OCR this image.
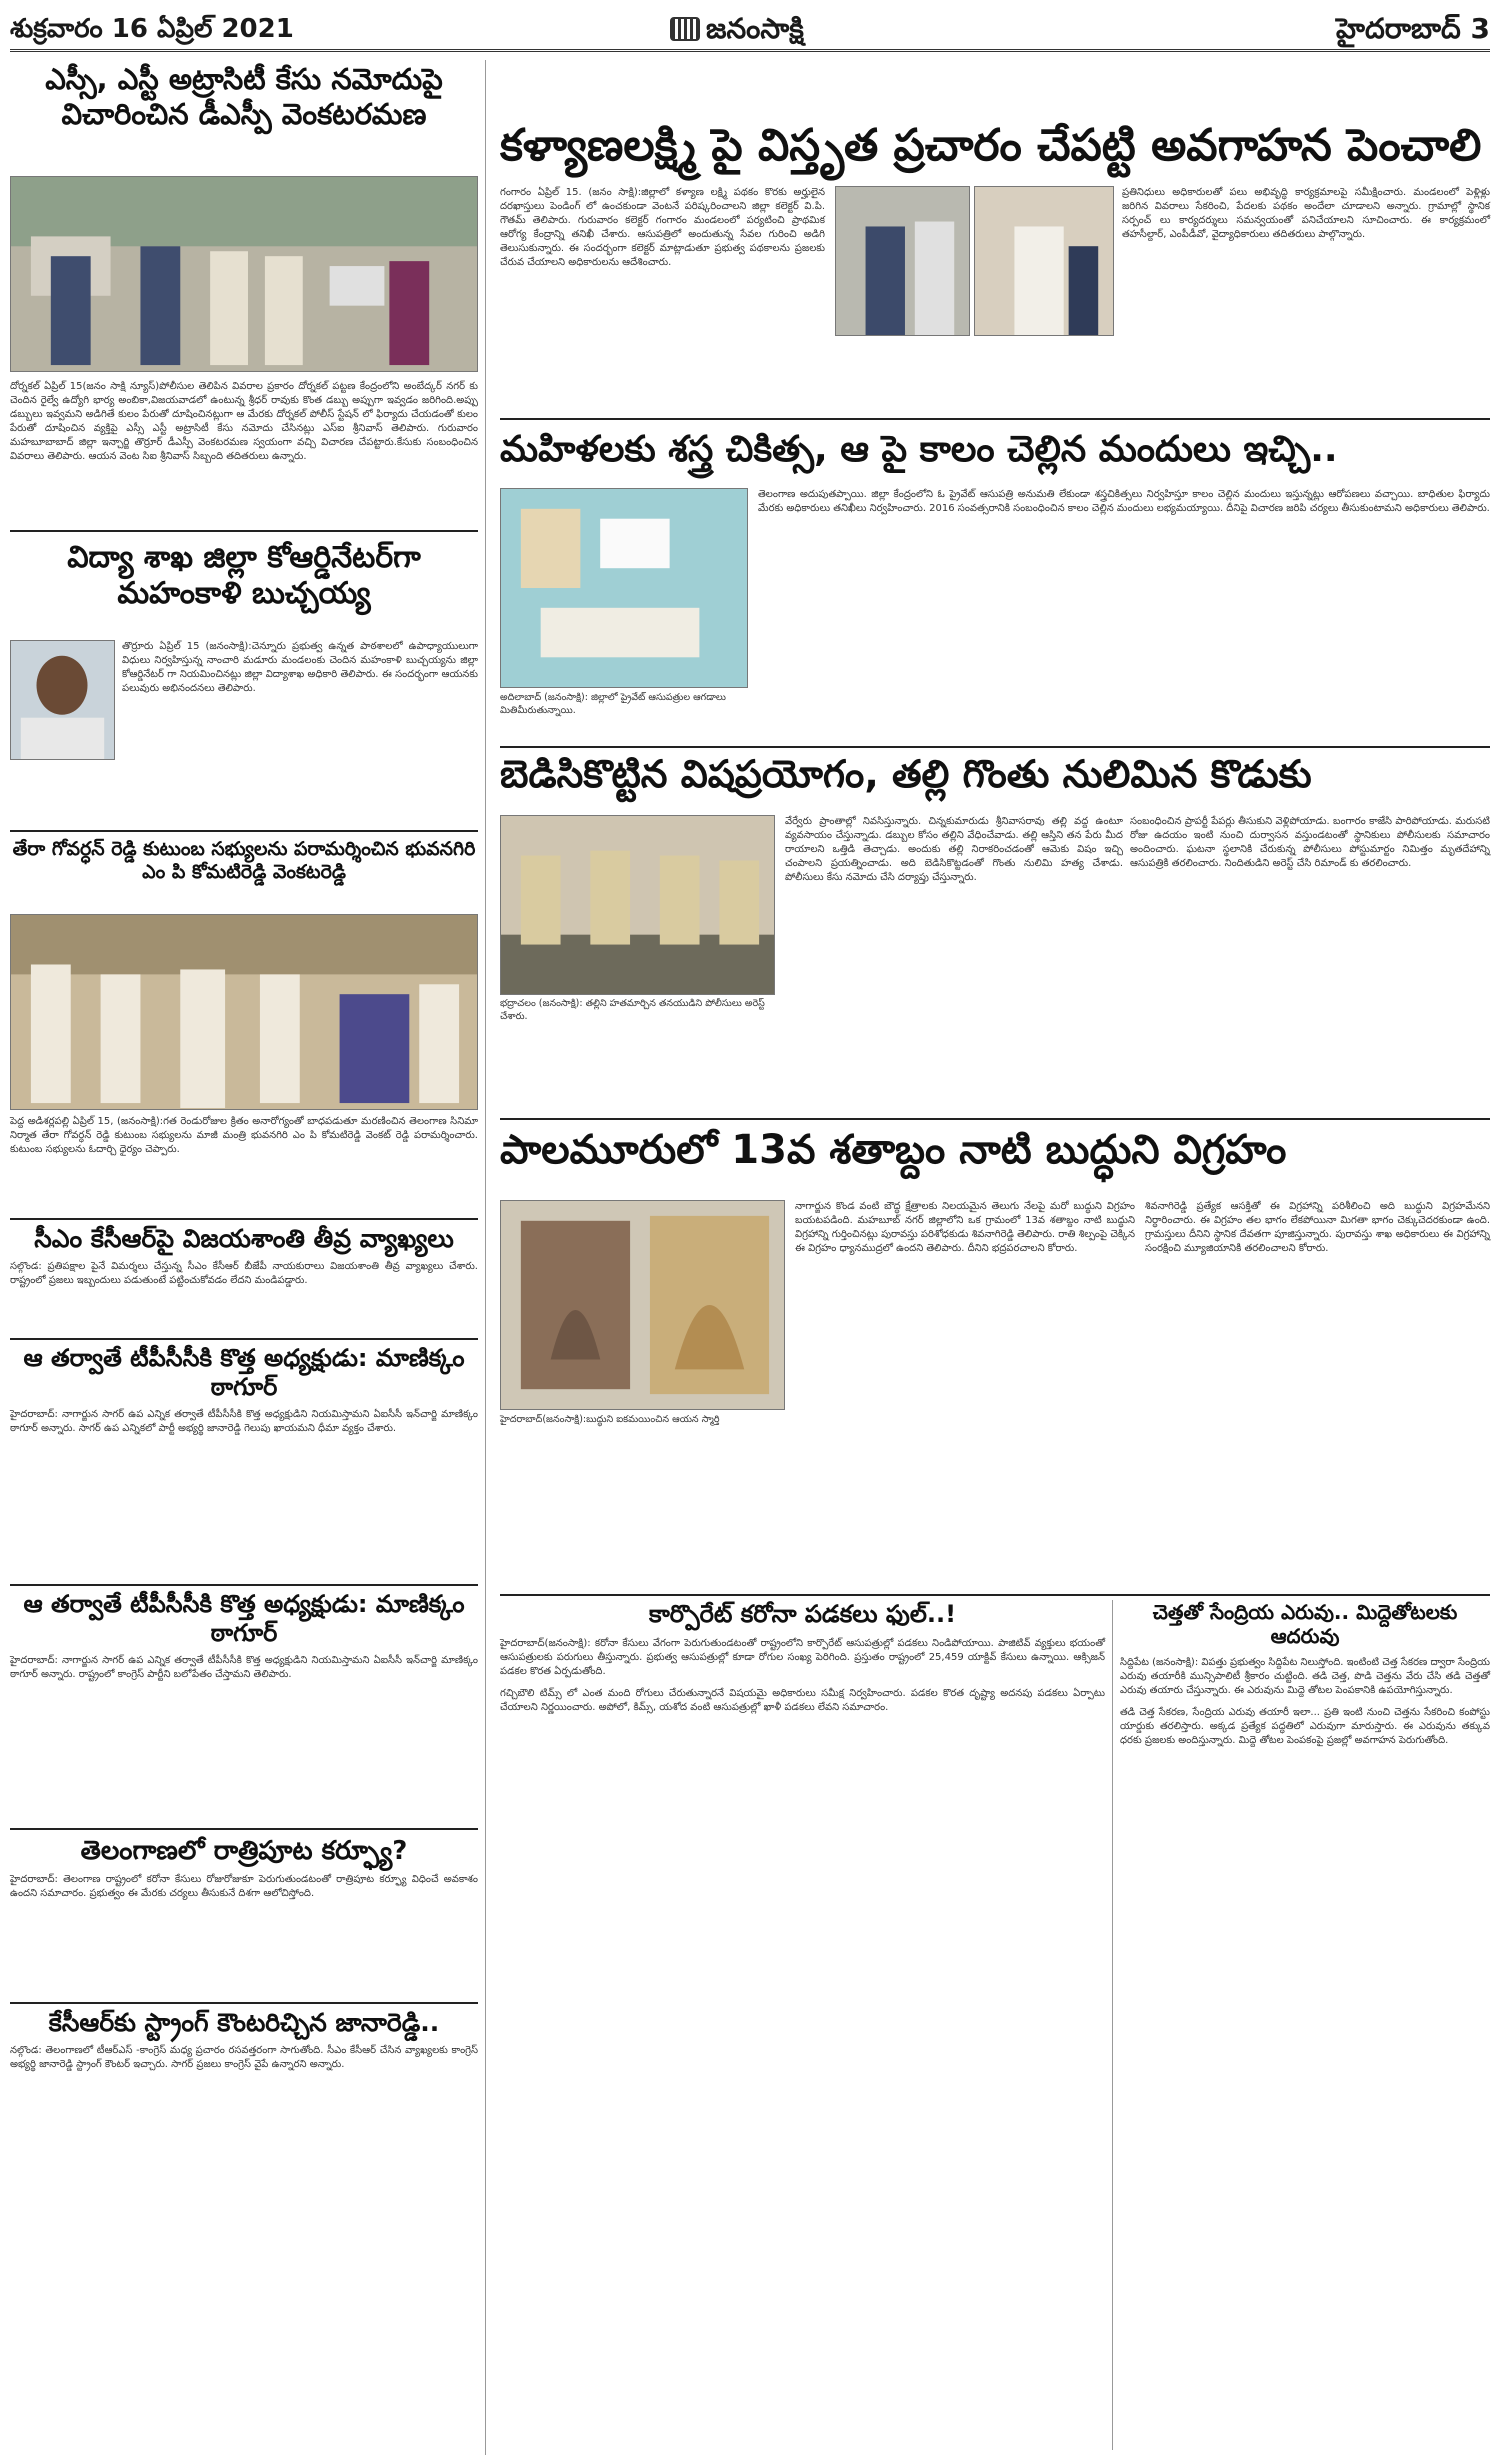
శుక్రవారం 16 ఏప్రిల్ 2021	జనంసాక్షి	హైదరాబాద్ 3
ఎస్సీ, ఎస్టీ అట్రాసిటీ కేసు నమోదుపై విచారించిన డీఎస్పీ వెంకటరమణ
దోర్నకల్ ఏప్రిల్ 15(జనం సాక్షి న్యూస్)పోలీసుల తెలిపిన వివరాల ప్రకారం దోర్నకల్ పట్టణ కేంద్రంలోని అంబేద్కర్ నగర్ కు చెందిన రైల్వే ఉద్యోగి భార్య అంబికా,విజయవాడలో ఉంటున్న శ్రీధర్ రావుకు కొంత డబ్బు అప్పుగా ఇవ్వడం జరిగింది.అప్పు డబ్బులు ఇవ్వమని అడిగితే కులం పేరుతో దూషించినట్లుగా ఆ మేరకు దోర్నకల్ పోలీస్ స్టేషన్ లో ఫిర్యాదు చేయడంతో కులం పేరుతో దూషించిన వ్యక్తిపై ఎస్సీ ఎస్టీ అట్రాసిటీ కేసు నమోదు చేసినట్లు ఎస్ఐ శ్రీనివాస్ తెలిపారు. గురువారం మహబూబాబాద్ జిల్లా ఇన్చార్జి తొర్రూర్ డీఎస్పీ వెంకటరమణ స్వయంగా వచ్చి విచారణ చేపట్టారు.కేసుకు సంబంధించిన వివరాలు తెలిపారు. ఆయన వెంట సిఐ శ్రీనివాస్ సిబ్బంది తదితరులు ఉన్నారు.
విద్యా శాఖ జిల్లా కోఆర్డినేటర్‌గా మహంకాళి బుచ్చయ్య
తొర్రూరు ఏప్రిల్ 15 (జనంసాక్షి):చెన్నూరు ప్రభుత్వ ఉన్నత పాఠశాలలో ఉపాధ్యాయులుగా విధులు నిర్వహిస్తున్న నాంచారి మడూరు మండలంకు చెందిన మహంకాళి బుచ్చయ్యను జిల్లా కోఆర్డినేటర్ గా నియమించినట్లు జిల్లా విద్యాశాఖ అధికారి తెలిపారు. ఈ సందర్భంగా ఆయనకు పలువురు అభినందనలు తెలిపారు.
తేరా గోవర్ధన్ రెడ్డి కుటుంబ సభ్యులను పరామర్శించిన భువనగిరి ఎం పి కోమటిరెడ్డి వెంకటరెడ్డి
పెద్ద అడిశర్లపల్లి ఏప్రిల్ 15, (జనంసాక్షి):గత రెండురోజుల క్రితం అనారోగ్యంతో బాధపడుతూ మరణించిన తెలంగాణ సినిమా నిర్మాత తేరా గోవర్ధన్ రెడ్డి కుటుంబ సభ్యులను మాజీ మంత్రి భువనగిరి ఎం పి కోమటిరెడ్డి వెంకట్ రెడ్డి పరామర్శించారు. కుటుంబ సభ్యులను ఓదార్చి ధైర్యం చెప్పారు.
సీఎం కేసీఆర్‌పై విజయశాంతి తీవ్ర వ్యాఖ్యలు
సల్గొండ: ప్రతిపక్షాల పైనే విమర్శలు చేస్తున్న సీఎం కేసీఆర్ బీజేపీ నాయకురాలు విజయశాంతి తీవ్ర వ్యాఖ్యలు చేశారు. రాష్ట్రంలో ప్రజలు ఇబ్బందులు పడుతుంటే పట్టించుకోవడం లేదని మండిపడ్డారు.
ఆ తర్వాతే టీపీసీసీకి కొత్త అధ్యక్షుడు: మాణిక్కం ఠాగూర్
హైదరాబాద్: నాగార్జున సాగర్ ఉప ఎన్నిక తర్వాతే టీపీసీసీకి కొత్త అధ్యక్షుడిని నియమిస్తామని ఏఐసీసీ ఇన్‌చార్జి మాణిక్కం ఠాగూర్ అన్నారు. సాగర్ ఉప ఎన్నికలో పార్టీ అభ్యర్థి జానారెడ్డి గెలుపు ఖాయమని ధీమా వ్యక్తం చేశారు.
ఆ తర్వాతే టీపీసీసీకి కొత్త అధ్యక్షుడు: మాణిక్కం ఠాగూర్
హైదరాబాద్: నాగార్జున సాగర్ ఉప ఎన్నిక తర్వాతే టీపీసీసీకి కొత్త అధ్యక్షుడిని నియమిస్తామని ఏఐసీసీ ఇన్‌చార్జి మాణిక్కం ఠాగూర్ అన్నారు. రాష్ట్రంలో కాంగ్రెస్ పార్టీని బలోపేతం చేస్తామని తెలిపారు.
తెలంగాణలో రాత్రిపూట కర్ఫ్యూ?
హైదరాబాద్: తెలంగాణ రాష్ట్రంలో కరోనా కేసులు రోజురోజుకూ పెరుగుతుండటంతో రాత్రిపూట కర్ఫ్యూ విధించే అవకాశం ఉందని సమాచారం. ప్రభుత్వం ఈ మేరకు చర్యలు తీసుకునే దిశగా ఆలోచిస్తోంది.
కేసీఆర్‌కు స్ట్రాంగ్ కౌంటరిచ్చిన జానారెడ్డి..
నల్గొండ: తెలంగాణలో టీఆర్ఎస్ -కాంగ్రెస్ మధ్య ప్రచారం రసవత్తరంగా సాగుతోంది. సీఎం కేసీఆర్ చేసిన వ్యాఖ్యలకు కాంగ్రెస్ అభ్యర్థి జానారెడ్డి స్ట్రాంగ్ కౌంటర్ ఇచ్చారు. సాగర్ ప్రజలు కాంగ్రెస్ వైపే ఉన్నారని అన్నారు.
కళ్యాణలక్ష్మి పై విస్తృత ప్రచారం చేపట్టి అవగాహన పెంచాలి
గంగారం ఏప్రిల్ 15. (జనం సాక్షి):జిల్లాలో కళ్యాణ లక్ష్మి పథకం కొరకు అర్హులైన దరఖాస్తులు పెండింగ్ లో ఉంచకుండా వెంటనే పరిష్కరించాలని జిల్లా కలెక్టర్ వి.పి. గౌతమ్ తెలిపారు. గురువారం కలెక్టర్ గంగారం మండలంలో పర్యటించి ప్రాథమిక ఆరోగ్య కేంద్రాన్ని తనిఖీ చేశారు. ఆసుపత్రిలో అందుతున్న సేవల గురించి అడిగి తెలుసుకున్నారు. ఈ సందర్భంగా కలెక్టర్ మాట్లాడుతూ ప్రభుత్వ పథకాలను ప్రజలకు చేరువ చేయాలని అధికారులను ఆదేశించారు.
ప్రతినిధులు అధికారులతో పలు అభివృద్ధి కార్యక్రమాలపై సమీక్షించారు. మండలంలో పెళ్లిళ్లు జరిగిన వివరాలు సేకరించి, పేదలకు పథకం అందేలా చూడాలని అన్నారు. గ్రామాల్లో స్థానిక సర్పంచ్ లు కార్యదర్శులు సమన్వయంతో పనిచేయాలని సూచించారు. ఈ కార్యక్రమంలో తహసీల్దార్, ఎంపీడీవో, వైద్యాధికారులు తదితరులు పాల్గొన్నారు.
మహిళలకు శస్త్ర చికిత్స, ఆ పై కాలం చెల్లిన మందులు ఇచ్చి..
అదిలాబాద్ (జనంసాక్షి): జిల్లాలో ప్రైవేట్ ఆసుపత్రుల ఆగడాలు మితిమీరుతున్నాయి.
తెలంగాణ అదుపుతప్పాయి. జిల్లా కేంద్రంలోని ఓ ప్రైవేట్ ఆసుపత్రి అనుమతి లేకుండా శస్త్రచికిత్సలు నిర్వహిస్తూ కాలం చెల్లిన మందులు ఇస్తున్నట్లు ఆరోపణలు వచ్చాయి. బాధితుల ఫిర్యాదు మేరకు అధికారులు తనిఖీలు నిర్వహించారు. 2016 సంవత్సరానికి సంబంధించిన కాలం చెల్లిన మందులు లభ్యమయ్యాయి. దీనిపై విచారణ జరిపి చర్యలు తీసుకుంటామని అధికారులు తెలిపారు.
బెడిసికొట్టిన విషప్రయోగం, తల్లి గొంతు నులిమిన కొడుకు
భద్రాచలం (జనంసాక్షి): తల్లిని హతమార్చిన తనయుడిని పోలీసులు అరెస్ట్ చేశారు.
వేర్వేరు ప్రాంతాల్లో నివసిస్తున్నారు. చిన్నకుమారుడు శ్రీనివాసరావు తల్లి వద్ద ఉంటూ వ్యవసాయం చేస్తున్నాడు. డబ్బుల కోసం తల్లిని వేధించేవాడు. తల్లి ఆస్తిని తన పేరు మీద రాయాలని ఒత్తిడి తెచ్చాడు. అందుకు తల్లి నిరాకరించడంతో ఆమెకు విషం ఇచ్చి చంపాలని ప్రయత్నించాడు. అది బెడిసికొట్టడంతో గొంతు నులిమి హత్య చేశాడు. పోలీసులు కేసు నమోదు చేసి దర్యాప్తు చేస్తున్నారు.
సంబంధించిన ప్రాపర్టీ పేపర్లు తీసుకుని వెళ్లిపోయాడు. బంగారం కాజేసి పారిపోయాడు. మరుసటి రోజు ఉదయం ఇంటి నుంచి దుర్వాసన వస్తుండటంతో స్థానికులు పోలీసులకు సమాచారం అందించారు. ఘటనా స్థలానికి చేరుకున్న పోలీసులు పోస్టుమార్టం నిమిత్తం మృతదేహాన్ని ఆసుపత్రికి తరలించారు. నిందితుడిని అరెస్ట్ చేసి రిమాండ్ కు తరలించారు.
పాలమూరులో 13వ శతాబ్దం నాటి బుద్ధుని విగ్రహం
హైదరాబాద్(జనంసాక్షి):బుద్ధుని ఐకమయించిన ఆయన స్మార్తి
నాగార్జున కొండ వంటి బౌద్ధ క్షేత్రాలకు నిలయమైన తెలుగు నేలపై మరో బుద్ధుని విగ్రహం బయటపడింది. మహబూబ్ నగర్ జిల్లాలోని ఒక గ్రామంలో 13వ శతాబ్దం నాటి బుద్ధుని విగ్రహాన్ని గుర్తించినట్లు పురావస్తు పరిశోధకుడు శివనాగిరెడ్డి తెలిపారు. రాతి శిల్పంపై చెక్కిన ఈ విగ్రహం ధ్యానముద్రలో ఉందని తెలిపారు. దీనిని భద్రపరచాలని కోరారు.
శివనాగిరెడ్డి ప్రత్యేక ఆసక్తితో ఈ విగ్రహాన్ని పరిశీలించి అది బుద్ధుని విగ్రహమేనని నిర్ధారించారు. ఈ విగ్రహం తల భాగం లేకపోయినా మిగతా భాగం చెక్కుచెదరకుండా ఉంది. గ్రామస్తులు దీనిని స్థానిక దేవతగా పూజిస్తున్నారు. పురావస్తు శాఖ అధికారులు ఈ విగ్రహాన్ని సంరక్షించి మ్యూజియానికి తరలించాలని కోరారు.
కార్పొరేట్ కరోనా పడకలు ఫుల్..!
హైదరాబాద్(జనంసాక్షి): కరోనా కేసులు వేగంగా పెరుగుతుండటంతో రాష్ట్రంలోని కార్పొరేట్ ఆసుపత్రుల్లో పడకలు నిండిపోయాయి. పాజిటివ్ వ్యక్తులు భయంతో ఆసుపత్రులకు పరుగులు తీస్తున్నారు. ప్రభుత్వ ఆసుపత్రుల్లో కూడా రోగుల సంఖ్య పెరిగింది. ప్రస్తుతం రాష్ట్రంలో 25,459 యాక్టివ్ కేసులు ఉన్నాయి. ఆక్సిజన్ పడకల కొరత ఏర్పడుతోంది.
గచ్చిబౌలి టిమ్స్ లో ఎంత మంది రోగులు చేరుతున్నారనే విషయమై అధికారులు సమీక్ష నిర్వహించారు. పడకల కొరత దృష్ట్యా అదనపు పడకలు ఏర్పాటు చేయాలని నిర్ణయించారు. అపోలో, కిమ్స్, యశోద వంటి ఆసుపత్రుల్లో ఖాళీ పడకలు లేవని సమాచారం.
చెత్తతో సేంద్రియ ఎరువు.. మిద్దెతోటలకు ఆదరువు
సిద్దిపేట (జనంసాక్షి): విపత్తు ప్రభుత్వం సిద్దిపేట నిలుస్తోంది. ఇంటింటి చెత్త సేకరణ ద్వారా సేంద్రియ ఎరువు తయారీకి మున్సిపాలిటీ శ్రీకారం చుట్టింది. తడి చెత్త, పొడి చెత్తను వేరు చేసి తడి చెత్తతో ఎరువు తయారు చేస్తున్నారు. ఈ ఎరువును మిద్దె తోటల పెంపకానికి ఉపయోగిస్తున్నారు.
తడి చెత్త సేకరణ, సేంద్రియ ఎరువు తయారీ ఇలా... ప్రతి ఇంటి నుంచి చెత్తను సేకరించి కంపోస్టు యార్డుకు తరలిస్తారు. అక్కడ ప్రత్యేక పద్ధతిలో ఎరువుగా మారుస్తారు. ఈ ఎరువును తక్కువ ధరకు ప్రజలకు అందిస్తున్నారు. మిద్దె తోటల పెంపకంపై ప్రజల్లో అవగాహన పెరుగుతోంది.
